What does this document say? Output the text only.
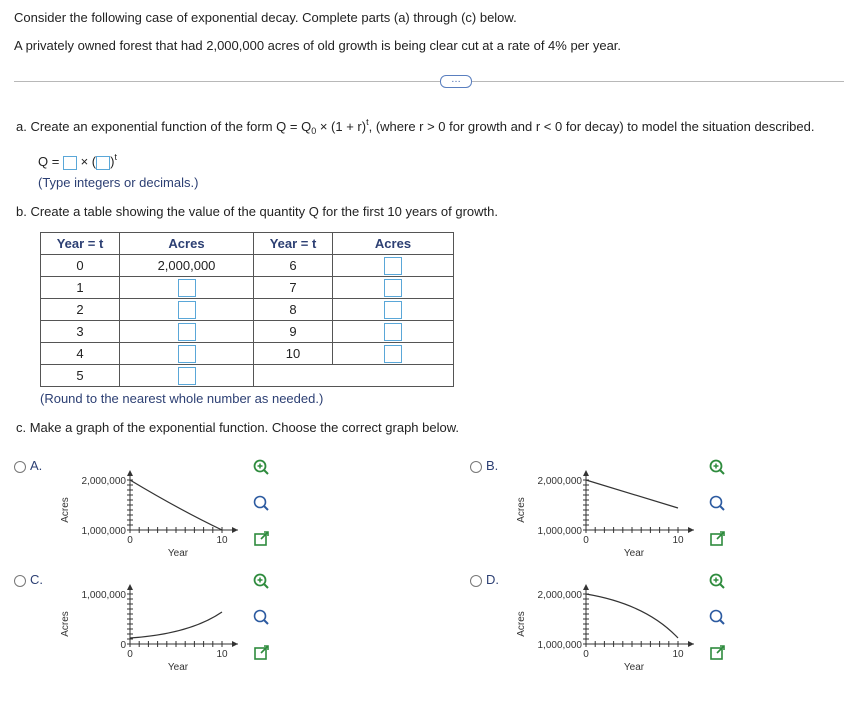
Consider the following case of exponential decay. Complete parts (a) through (c) below.
A privately owned forest that had 2,000,000 acres of old growth is being clear cut at a rate of 4% per year.
…
a. Create an exponential function of the form $Q = Q_0 \times (1 + r)^t$, (where r > 0 for growth and r < 0 for decay) to model the situation described.
Q = × ( )$^t$
(Type integers or decimals.)
b. Create a table showing the value of the quantity Q for the first 10 years of growth.
Year = t	Acres	Year = t	Acres
0	2,000,000	6	
1		7	
2		8	
3		9	
4		10	
5			
(Round to the nearest whole number as needed.)
c. Make a graph of the exponential function. Choose the correct graph below.
A.
2,000,000
1,000,000
0	10
Year
Acres
B.
2,000,000
1,000,000
0	10
Year
Acres
C.
1,000,000
0
0	10
Year
Acres
D.
2,000,000
1,000,000
0	10
Year
Acres
